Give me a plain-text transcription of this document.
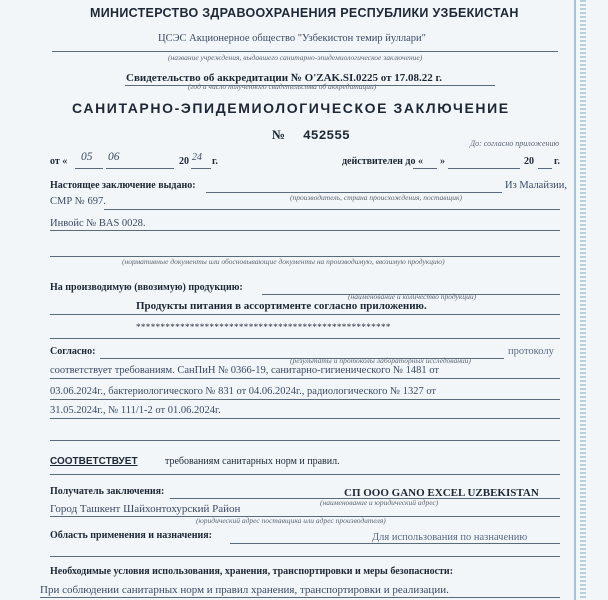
МИНИСТЕРСТВО ЗДРАВООХРАНЕНИЯ РЕСПУБЛИКИ УЗБЕКИСТАН
ЦСЭС Акционерное общество "Узбекистон темир йуллари"
(название учреждения, выдавшего санитарно-эпидемиологическое заключение)
Свидетельство об аккредитации № O'ZAK.SI.0225 от 17.08.22 г.
(год и число полученного свидетельства об аккредитации)
САНИТАРНО-ЭПИДЕМИОЛОГИЧЕСКОЕ ЗАКЛЮЧЕНИЕ
№ 452555
До: согласно приложению
от « 05 06	20 24 г.	действителен до « »	20 г.
Настоящее заключение выдано:	Из Малайзии,
(производитель, страна происхождения, поставщик)
СМР № 697.
Инвойс № BAS 0028.
(нормативные документы или обосновывающие документы на производимую, ввозимую продукцию)
На производимую (ввозимую) продукцию:
(наименование и количество продукции)
Продукты питания в ассортименте согласно приложению.
****************************************************
Согласно:
(результаты и протоколы лабораторных исследований)
протоколу
соответствует требованиям. СанПиН № 0366-19, санитарно-гигиенического № 1481 от
03.06.2024г., бактериологического № 831 от 04.06.2024г., радиологического № 1327 от
31.05.2024г., № 111/1-2 от 01.06.2024г.
СООТВЕТСТВУЕТ	требованиям санитарных норм и правил.
Получатель заключения:	СП ООО GANO EXCEL UZBEKISTAN
(наименование и юридический адрес)
Город Ташкент Шайхонтохурский Район
(юридический адрес поставщика или адрес производителя)
Область применения и назначения:	Для использования по назначению
Необходимые условия использования, хранения, транспортировки и меры безопасности:
При соблюдении санитарных норм и правил хранения, транспортировки и реализации.
